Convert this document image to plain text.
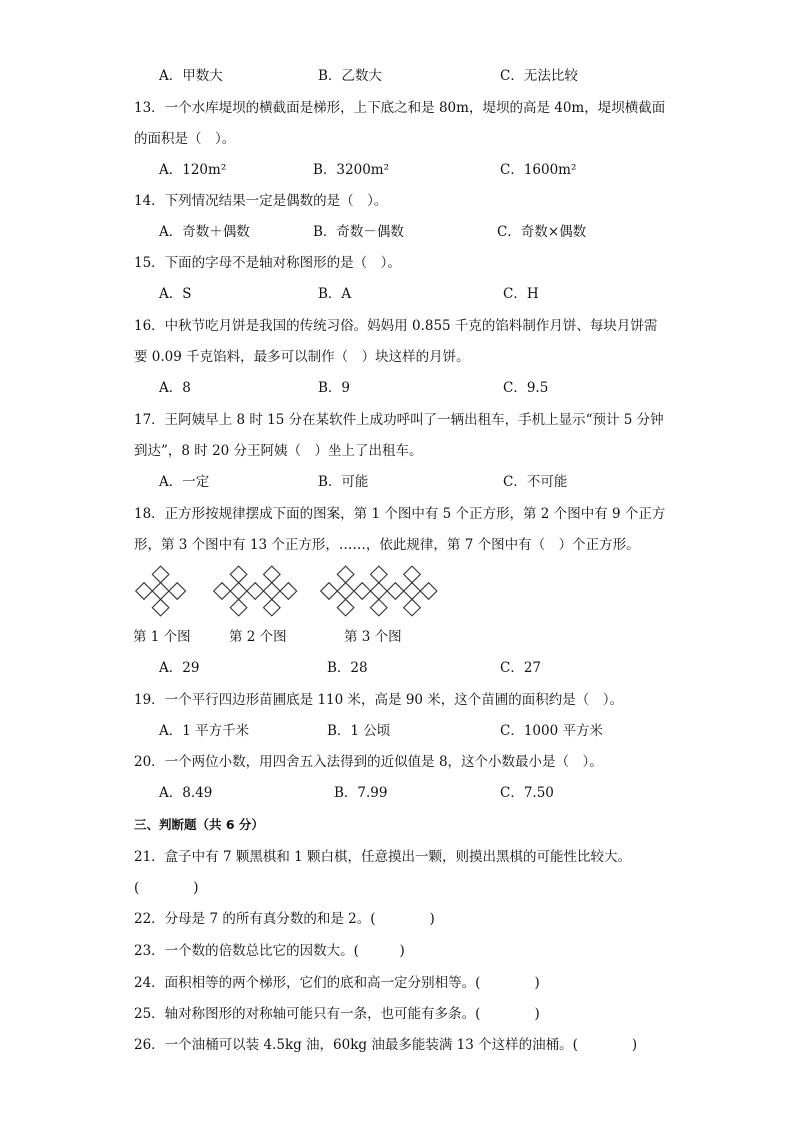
A．甲数大	B．乙数大	C．无法比较
13．一个水库堤坝的横截面是梯形，上下底之和是 80m，堤坝的高是 40m，堤坝横截面
的面积是（　）。
A．120m²	B．3200m²	C．1600m²
14．下列情况结果一定是偶数的是（　）。
A．奇数＋偶数	B．奇数－偶数	C．奇数×偶数
15．下面的字母不是轴对称图形的是（　）。
A．S	B．A	C．H
16．中秋节吃月饼是我国的传统习俗。妈妈用 0.855 千克的馅料制作月饼、每块月饼需
要 0.09 千克馅料，最多可以制作（　）块这样的月饼。
A．8	B．9	C．9.5
17．王阿姨早上 8 时 15 分在某软件上成功呼叫了一辆出租车，手机上显示“预计 5 分钟
到达”，8 时 20 分王阿姨（　）坐上了出租车。
A．一定	B．可能	C．不可能
18．正方形按规律摆成下面的图案，第 1 个图中有 5 个正方形，第 2 个图中有 9 个正方
形，第 3 个图中有 13 个正方形，……，依此规律，第 7 个图中有（　）个正方形。
第 1 个图	第 2 个图	第 3 个图
A．29	B．28	C．27
19．一个平行四边形苗圃底是 110 米，高是 90 米，这个苗圃的面积约是（　）。
A．1 平方千米	B．1 公顷	C．1000 平方米
20．一个两位小数，用四舍五入法得到的近似值是 8，这个小数最小是（　）。
A．8.49	B．7.99	C．7.50
三、判断题（共 6 分）
21．盒子中有 7 颗黑棋和 1 颗白棋，任意摸出一颗，则摸出黑棋的可能性比较大。
(　　　　)
22．分母是 7 的所有真分数的和是 2。(　　　　)
23．一个数的倍数总比它的因数大。(　　　)
24．面积相等的两个梯形，它们的底和高一定分别相等。(　　　　)
25．轴对称图形的对称轴可能只有一条，也可能有多条。(　　　　)
26．一个油桶可以装 4.5kg 油，60kg 油最多能装满 13 个这样的油桶。(　　　　)
